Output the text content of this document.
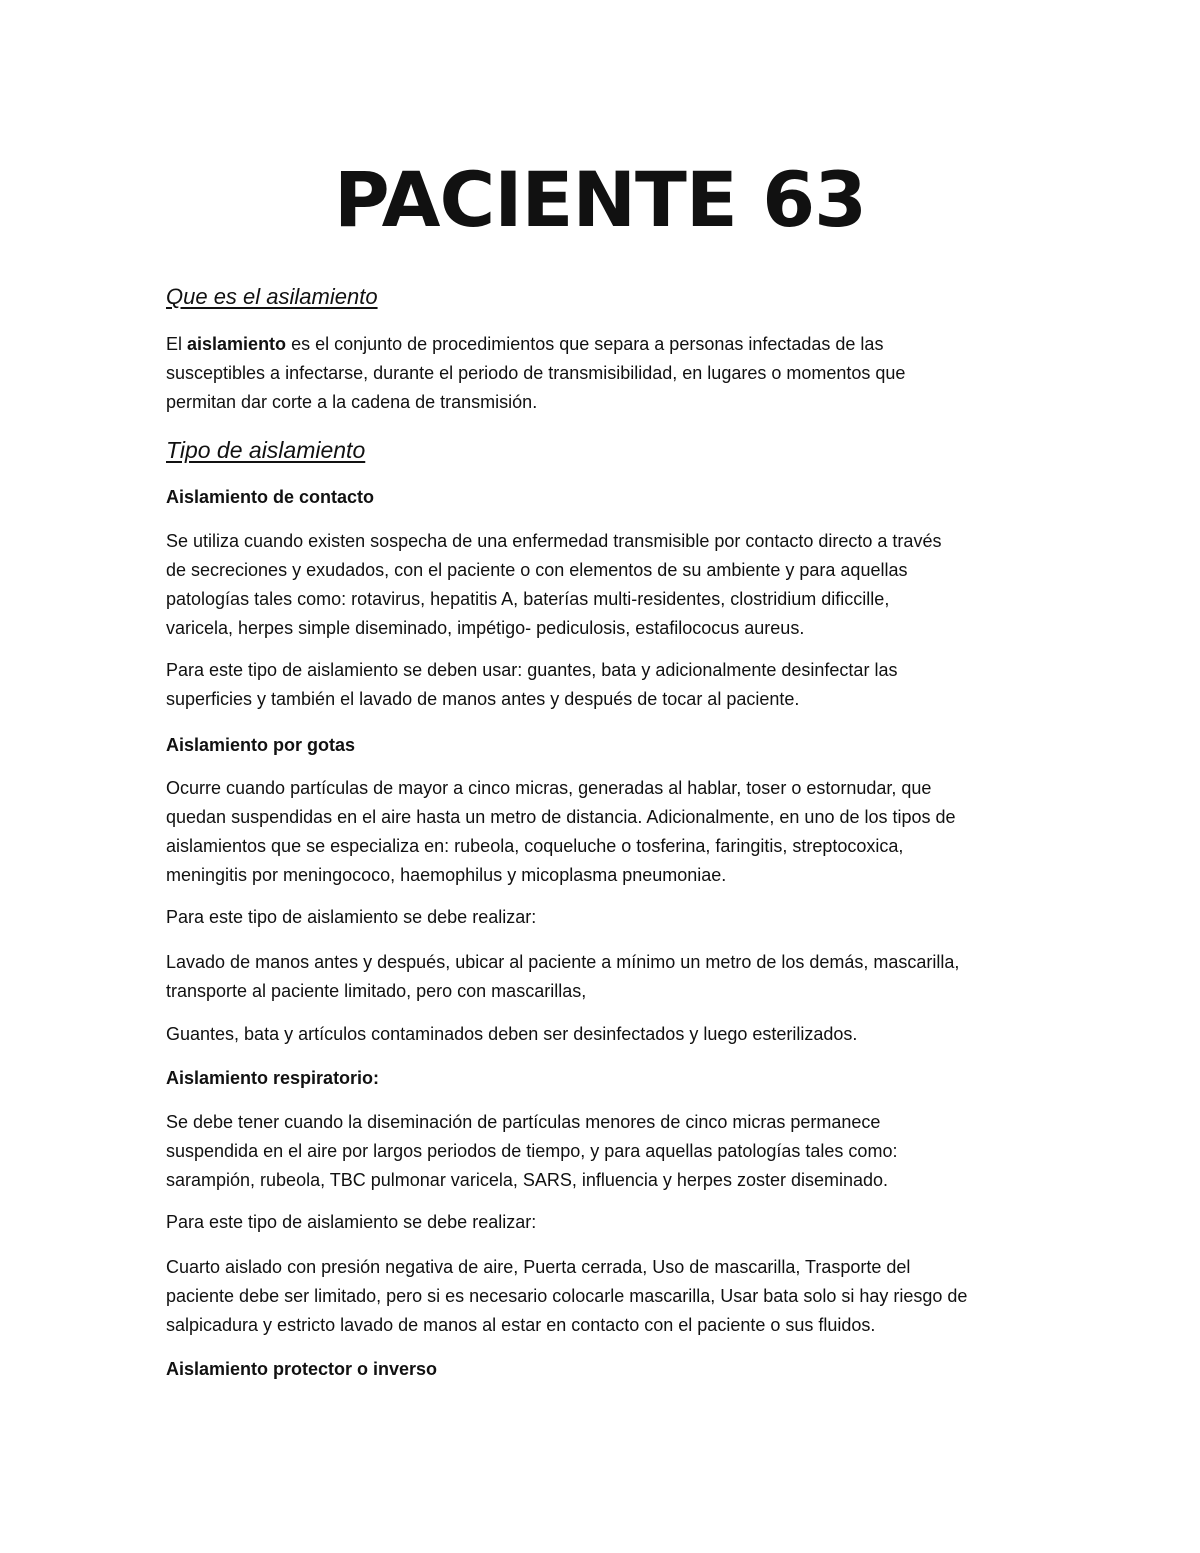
PACIENTE 63
Que es el asilamiento

El aislamiento es el conjunto de procedimientos que separa a personas infectadas de las
susceptibles a infectarse, durante el periodo de transmisibilidad, en lugares o momentos que
permitan dar corte a la cadena de transmisión.

Tipo de aislamiento
Aislamiento de contacto

Se utiliza cuando existen sospecha de una enfermedad transmisible por contacto directo a través
de secreciones y exudados, con el paciente o con elementos de su ambiente y para aquellas
patologías tales como: rotavirus, hepatitis A, baterías multi-residentes, clostridium dificcille,
varicela, herpes simple diseminado, impétigo- pediculosis, estafilococus aureus.

Para este tipo de aislamiento se deben usar: guantes, bata y adicionalmente desinfectar las
superficies y también el lavado de manos antes y después de tocar al paciente.

Aislamiento por gotas

Ocurre cuando partículas de mayor a cinco micras, generadas al hablar, toser o estornudar, que
quedan suspendidas en el aire hasta un metro de distancia. Adicionalmente, en uno de los tipos de
aislamientos que se especializa en: rubeola, coqueluche o tosferina, faringitis, streptocoxica,
meningitis por meningococo, haemophilus y micoplasma pneumoniae.

Para este tipo de aislamiento se debe realizar:

Lavado de manos antes y después, ubicar al paciente a mínimo un metro de los demás, mascarilla,
transporte al paciente limitado, pero con mascarillas,

Guantes, bata y artículos contaminados deben ser desinfectados y luego esterilizados.

Aislamiento respiratorio:

Se debe tener cuando la diseminación de partículas menores de cinco micras permanece
suspendida en el aire por largos periodos de tiempo, y para aquellas patologías tales como:
sarampión, rubeola, TBC pulmonar varicela, SARS, influencia y herpes zoster diseminado.

Para este tipo de aislamiento se debe realizar:

Cuarto aislado con presión negativa de aire, Puerta cerrada, Uso de mascarilla, Trasporte del
paciente debe ser limitado, pero si es necesario colocarle mascarilla, Usar bata solo si hay riesgo de
salpicadura y estricto lavado de manos al estar en contacto con el paciente o sus fluidos.

Aislamiento protector o inverso
